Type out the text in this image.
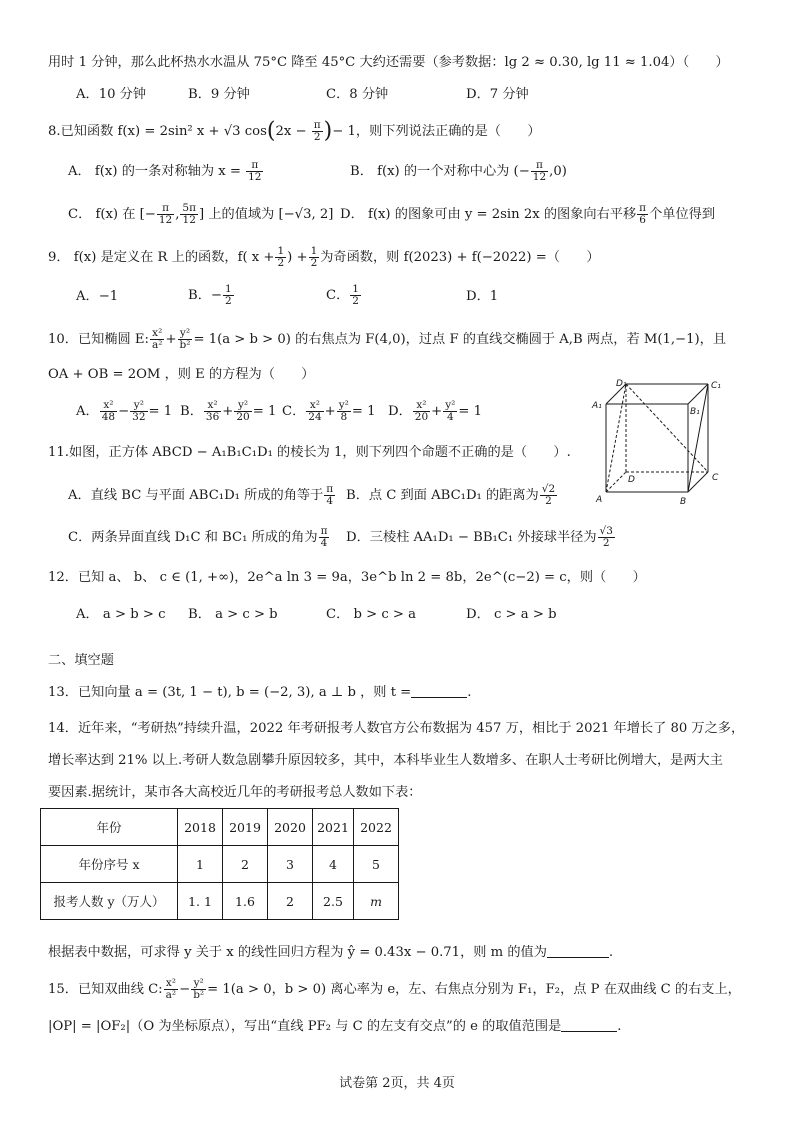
用时 1 分钟，那么此杯热水水温从 75°C 降至 45°C 大约还需要（参考数据：lg 2 ≈ 0.30, lg 11 ≈ 1.04）（　　）
A．10 分钟	B．9 分钟	C．8 分钟	D．7 分钟
8.已知函数 f(x) = 2sin² x + √3 $\cos(2x - \frac{\pi}{2}$ )− 1，则下列说法正确的是（　　）
A． f(x) 的一条对称轴为 $x = \frac{\pi}{12}$	B． f(x) 的一个对称中心为 (− $\frac{\pi}{12} ,0$)
C． f(x) 在 [− $\frac{\pi}{12}$ , $\frac{5\pi}{12}$ ] 上的值域为 [−√3, 2] D． f(x) 的图象可由 y = 2sin 2x 的图象向右平移 $\frac{\pi}{6}$ 个单位得到
9． f(x) 是定义在 R 上的函数，f( $x + \frac{1}{2}$ ) + $\frac{1}{2}$ 为奇函数，则 f(2023) + f(−2022) =（　　）
A．−1	B．− $\frac{1}{2}$	C． $\frac{1}{2}$	D．1
10．已知椭圆 E: $\frac{\text{x²}}{\text{a²}} + \frac{\text{y²}}{\text{b²}} = 1(a > b > 0)$ 的右焦点为 F(4,0)，过点 F 的直线交椭圆于 A,B 两点，若 M(1,−1)，且
OA + OB = 2OM ，则 E 的方程为（　　）
A． $\frac{\text{x²}}{48} - \frac{\text{y²}}{32} = 1$ B． $\frac{\text{x²}}{36} + \frac{\text{y²}}{20} = 1$ C． $\frac{\text{x²}}{24} + \frac{\text{y²}}{8} = 1$ D． $\frac{\text{x²}}{20} + \frac{\text{y²}}{4} = 1$
11.如图，正方体 ABCD − A₁B₁C₁D₁ 的棱长为 1，则下列四个命题不正确的是（　　）.
A．直线 BC 与平面 ABC₁D₁ 所成的角等于 $\frac{\pi}{4}$ B．点 C 到面 ABC₁D₁ 的距离为 $\frac{√2}{2}$
C．两条异面直线 D₁C 和 BC₁ 所成的角为 $\frac{\pi}{4}$ D．三棱柱 AA₁D₁ − BB₁C₁ 外接球半径为 $\frac{√3}{2}$
D₁	C₁
A₁
B₁
D	C
A	B
12．已知 a、 b、 c ∈ (1, +∞)，2e^a ln 3 = 9a，3e^b ln 2 = 8b，2e^(c−2) = c，则（　　）
A． a > b > c B． a > c > b	C． b > c > a	D． c > a > b
二、填空题
13．已知向量 a = (3t, 1 − t), b = (−2, 3), a ⊥ b ，则 t =	.
14．近年来，“考研热”持续升温，2022 年考研报考人数官方公布数据为 457 万，相比于 2021 年增长了 80 万之多，
增长率达到 21% 以上.考研人数急剧攀升原因较多，其中，本科毕业生人数增多、在职人士考研比例增大，是两大主
要因素.据统计，某市各大高校近几年的考研报考总人数如下表：
年份	2018	2019	2020	2021	2022
年份序号 x	1	2	3	4	5
报考人数 y（万人）	1. 1	1.6	2	2.5	m
根据表中数据，可求得 y 关于 x 的线性回归方程为 ŷ = 0.43x − 0.71，则 m 的值为	.
15．已知双曲线 C: $\frac{\text{x²}}{\text{a²}} - \frac{\text{y²}}{\text{b²}} = 1(a > 0$，b > 0) 离心率为 e，左、右焦点分别为 F₁，F₂，点 P 在双曲线 C 的右支上，
|OP| = |OF₂|（O 为坐标原点），写出“直线 PF₂ 与 C 的左支有交点”的 e 的取值范围是	.
试卷第 2页，共 4页
